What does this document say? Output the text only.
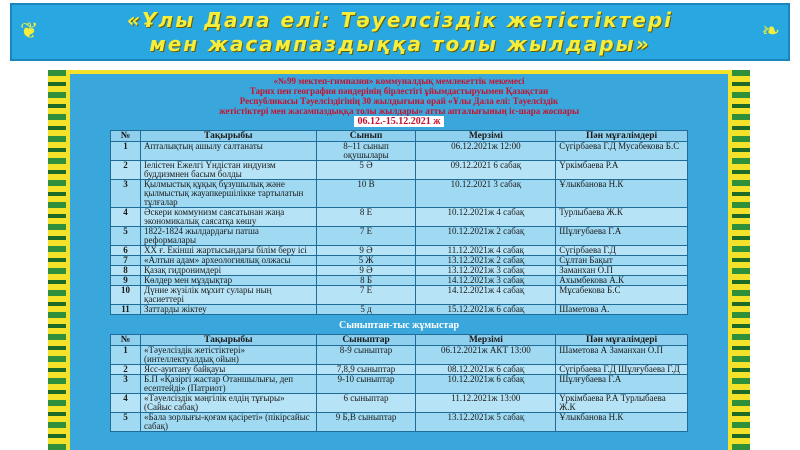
❦	«Ұлы Дала елі: Тәуелсіздік жетістіктері
мен жасампаздыққа толы жылдары»	❧
«№99 мектеп-гимназия» коммуналдық мемлекеттік мекемесі
Тарих пен география пәндерінің бірлестігі ұйымдастыруымен Қазақстан
Республикасы Тәуелсіздігінің 30 жылдығына орай «Ұлы Дала елі: Тәуелсіздік
жетістіктері мен жасампаздыққа толы жылдары» атты апталығының іс-шара жоспары
06.12.-15.12.2021 ж
№	Тақырыбы	Сынып	Мерзімі	Пән мұғалімдері
1	Апталықтың ашылу салтанаты	8–11 сынып оқушылары	06.12.2021ж 12:00	Сүгірбаева Г.Д Мусабекова Б.С
2	Іелістен Ежелгі Үндістан индуизм буддизмнен басым болды	5 Ә	09.12.2021 6 сабақ	Үркімбаева Р.А
3	Қылмыстық құқық бұзушылық және қылмыстық жауапкершілікке тартылатын тұлғалар	10 В	10.12.2021 3 сабақ	Ұлыкбанова Н.К
4	Әскери коммунизм саясатынан жаңа экономикалық саясатқа көшу	8 Е	10.12.2021ж 4 сабақ	Турлыбаева Ж.К
5	1822-1824 жылдардағы патша реформалары	7 Е	10.12.2021ж 2 сабақ	Шұлғубаева Г.А
6	ХХ ғ. Екінші жартысындағы білім беру ісі	9 Ә	11.12.2021ж 4 сабақ	Сүгірбаева Г.Д
7	«Алтын адам» археологиялық олжасы	5 Ж	13.12.2021ж 2 сабақ	Сұлтан Бақыт
8	Қазақ гидронимдері	9 Ә	13.12.2021ж 3 сабақ	Заманхан О.П
9	Көлдер мен мұздықтар	8 Б	14.12.2021ж 3 сабақ	Ахымбекова А.К
10	Дүние жүзілік мұхит сулары ның қасиеттері	7 Е	14.12.2021ж 4 сабақ	Мұсабекова Б.С
11	Заттарды жіктеу	5 д	15.12.2021ж 6 сабақ	Шаметова А.
Сыныптан-тыс жұмыстар
№	Тақырыбы	Сыныптар	Мерзімі	Пән мұғалімдері
1	«Тәуелсіздік жетістіктері» (интеллектуалдық ойын)	8-9 сыныптар	06.12.2021ж АКТ 13:00	Шаметова А Заманхан О.П
2	Ясс-ауитану байқауы	7,8,9 сыныптар	08.12.2021ж 6 сабақ	Сүгірбаева Г.Д Шұлғубаева Г.Д
3	Б.П «Қазіргі жастар Отаншылығы, деп есептейді» (Патриот)	9-10 сыныптар	10.12.2021ж 6 сабақ	Шұлғубаева Г.А
4	«Тәуелсіздік мәңгілік елдің тұғыры» (Сайыс сабақ)	6 сыныптар	11.12.2021ж 13:00	Үркімбаева Р.А Турлыбаева Ж.К
5	«Бала зорлығы-қоғам қасіреті» (пікірсайыс сабақ)	9 Б,В сыныптар	13.12.2021ж 5 сабақ	Ұлыкбанова Н.К
